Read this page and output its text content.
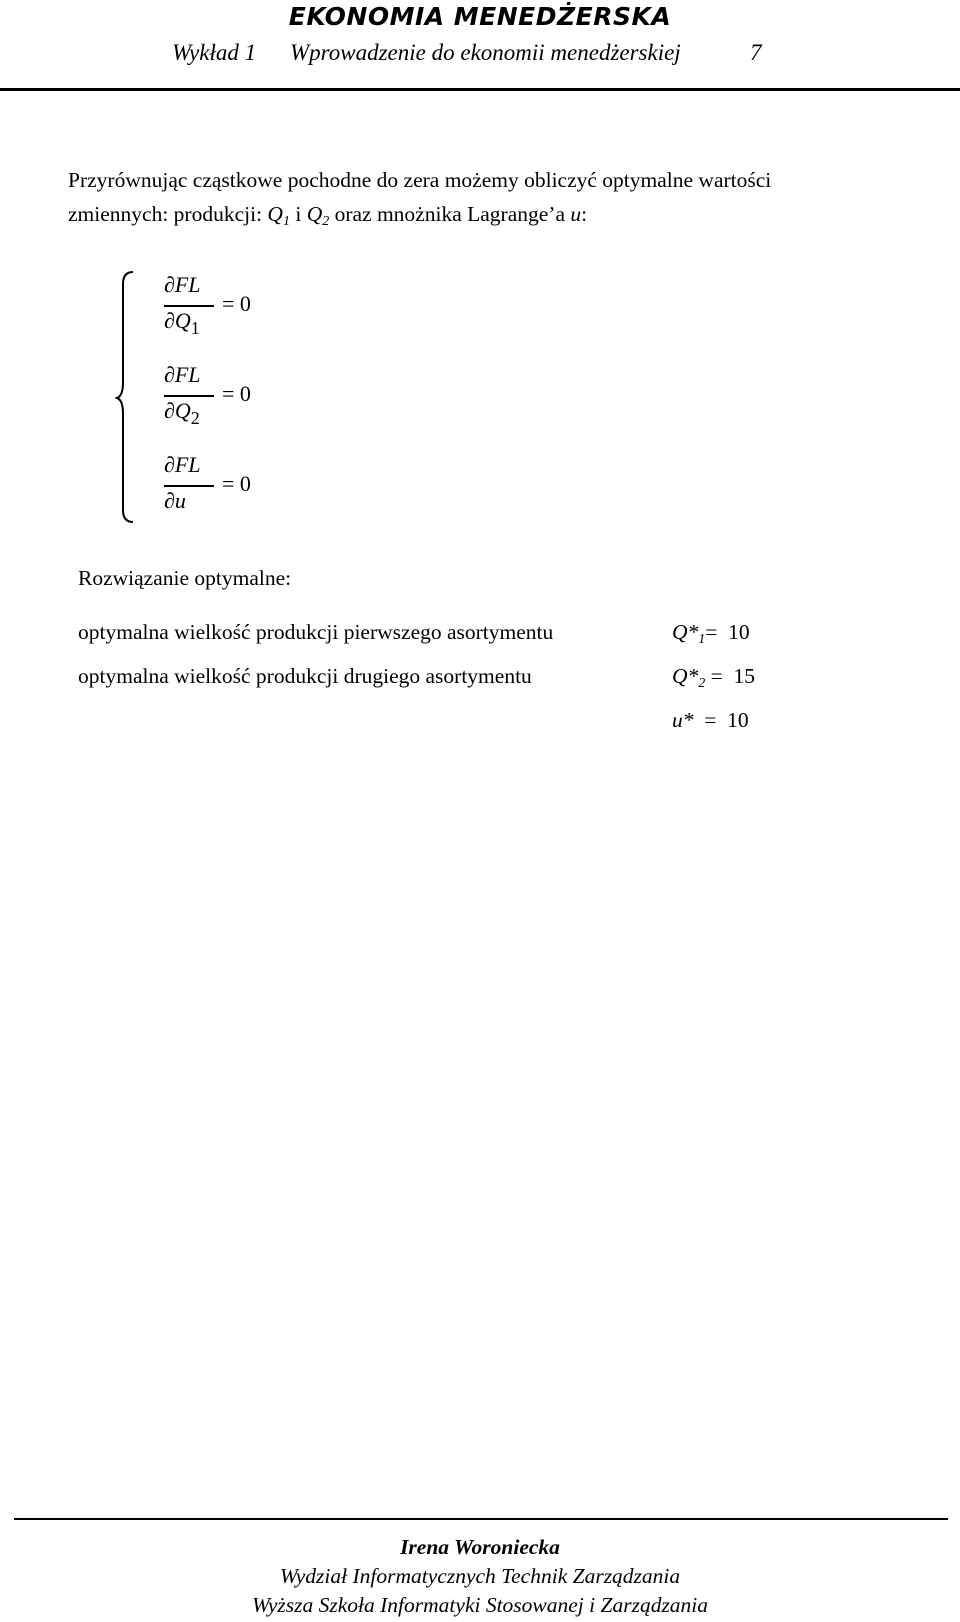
EKONOMIA MENEDŻERSKA
Wykład 1 Wprowadzenie do ekonomii menedżerskiej	7
Przyrównując cząstkowe pochodne do zera możemy obliczyć optymalne wartości
zmiennych: produkcji: $Q_1$ i $Q_2$ oraz mnożnika Lagrange’a u:
∂FL
$\partial Q_1$
= 0
∂FL
$\partial Q_2$
= 0
∂FL
∂u
= 0
Rozwiązanie optymalne:
optymalna wielkość produkcji pierwszego asortymentu	$Q*_1= 10$
optymalna wielkość produkcji drugiego asortymentu	$Q*_2 = 15$
u* = 10
Irena Woroniecka
Wydział Informatycznych Technik Zarządzania
Wyższa Szkoła Informatyki Stosowanej i Zarządzania
